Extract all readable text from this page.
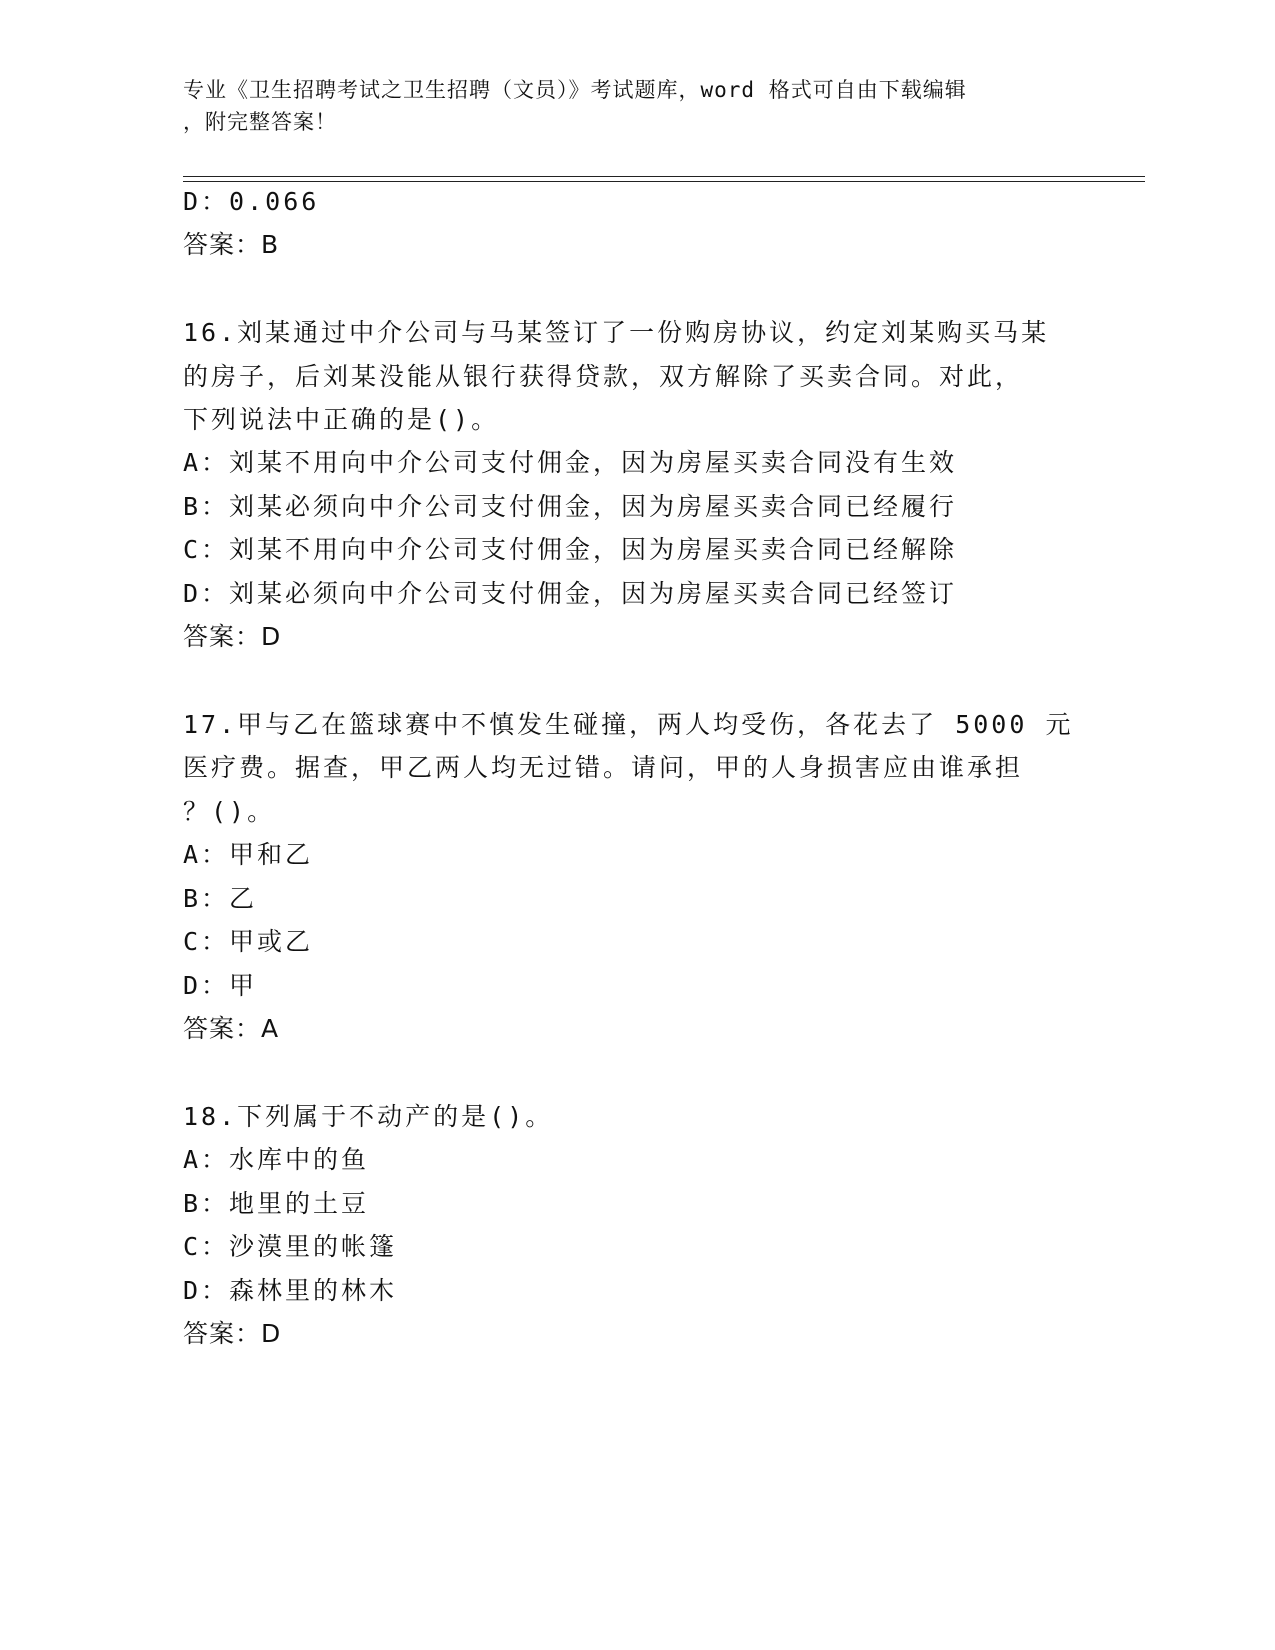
专业《卫生招聘考试之卫生招聘（文员）》考试题库，word 格式可自由下载编辑
，附完整答案！
D：0.066
答案：B
16.刘某通过中介公司与马某签订了一份购房协议，约定刘某购买马某
的房子，后刘某没能从银行获得贷款，双方解除了买卖合同。对此，
下列说法中正确的是()。
A：刘某不用向中介公司支付佣金，因为房屋买卖合同没有生效
B：刘某必须向中介公司支付佣金，因为房屋买卖合同已经履行
C：刘某不用向中介公司支付佣金，因为房屋买卖合同已经解除
D：刘某必须向中介公司支付佣金，因为房屋买卖合同已经签订
答案：D
17.甲与乙在篮球赛中不慎发生碰撞，两人均受伤，各花去了 5000 元
医疗费。据查，甲乙两人均无过错。请问，甲的人身损害应由谁承担
？()。
A：甲和乙
B：乙
C：甲或乙
D：甲
答案：A
18.下列属于不动产的是()。
A：水库中的鱼
B：地里的土豆
C：沙漠里的帐篷
D：森林里的林木
答案：D
